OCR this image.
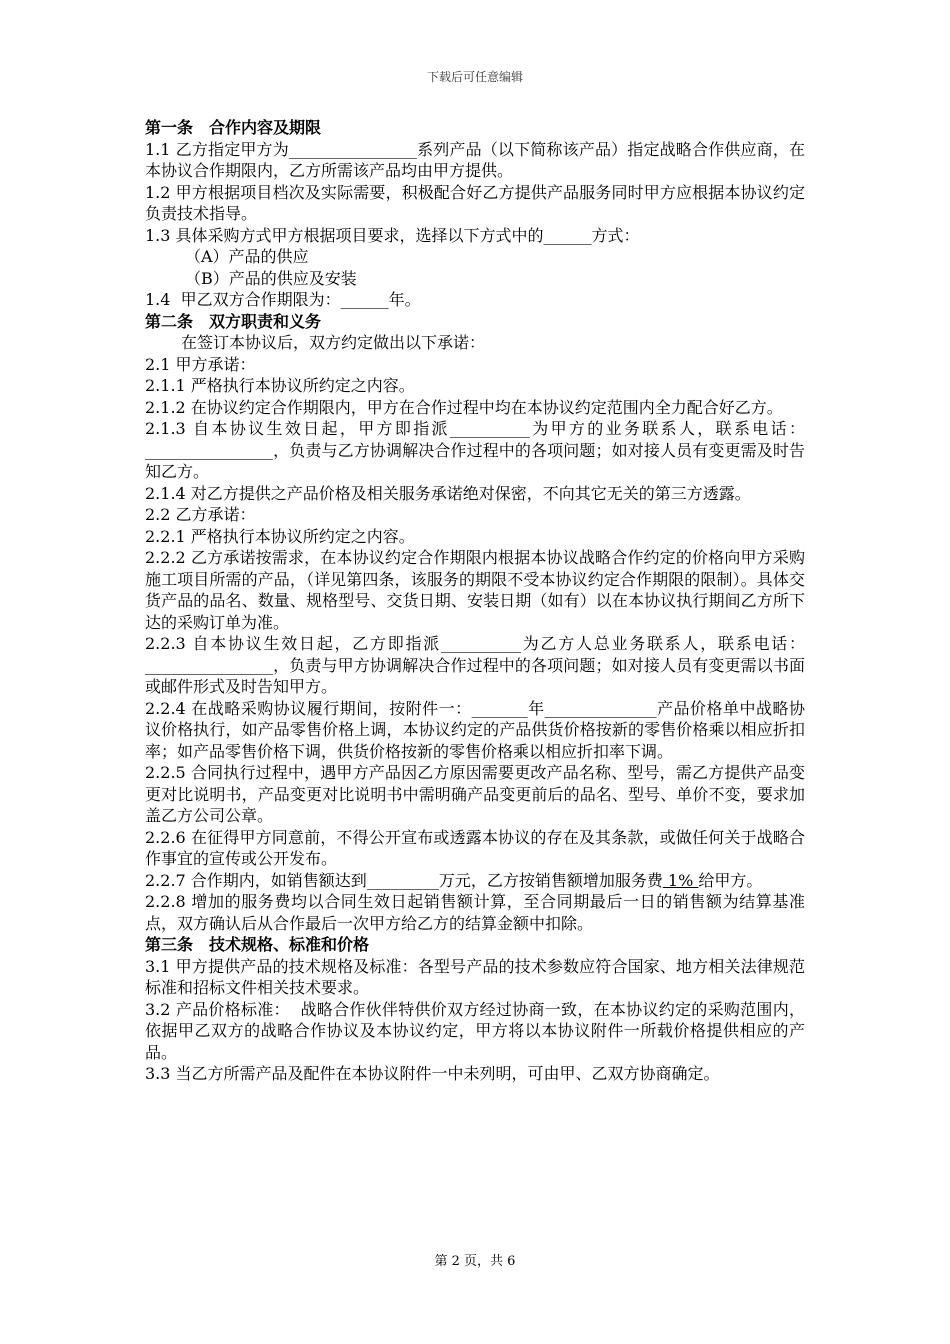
下载后可任意编辑

第一条　合作内容及期限

1.1 乙方指定甲方为________________系列产品（以下简称该产品）指定战略合作供应商，在本协议合作期限内，乙方所需该产品均由甲方提供。

1.2 甲方根据项目档次及实际需要，积极配合好乙方提供产品服务同时甲方应根据本协议约定负责技术指导。

1.3 具体采购方式甲方根据项目要求，选择以下方式中的______方式：

（A）产品的供应

（B）产品的供应及安装

1.4  甲乙双方合作期限为：______年。

第二条　双方职责和义务

在签订本协议后，双方约定做出以下承诺：

2.1 甲方承诺：

2.1.1 严格执行本协议所约定之内容。

2.1.2 在协议约定合作期限内，甲方在合作过程中均在本协议约定范围内全力配合好乙方。

2.1.3 自本协议生效日起，甲方即指派__________为甲方的业务联系人，联系电话：________________，负责与乙方协调解决合作过程中的各项问题；如对接人员有变更需及时告知乙方。

2.1.4 对乙方提供之产品价格及相关服务承诺绝对保密，不向其它无关的第三方透露。

2.2 乙方承诺：

2.2.1 严格执行本协议所约定之内容。

2.2.2 乙方承诺按需求，在本协议约定合作期限内根据本协议战略合作约定的价格向甲方采购施工项目所需的产品，（详见第四条，该服务的期限不受本协议约定合作期限的限制）。具体交货产品的品名、数量、规格型号、交货日期、安装日期（如有）以在本协议执行期间乙方所下达的采购订单为准。

2.2.3 自本协议生效日起，乙方即指派__________为乙方人总业务联系人，联系电话：________________，负责与甲方协调解决合作过程中的各项问题；如对接人员有变更需以书面或邮件形式及时告知甲方。

2.2.4 在战略采购协议履行期间，按附件一：_______年______________产品价格单中战略协议价格执行，如产品零售价格上调，本协议约定的产品供货价格按新的零售价格乘以相应折扣率；如产品零售价格下调，供货价格按新的零售价格乘以相应折扣率下调。

2.2.5 合同执行过程中，遇甲方产品因乙方原因需要更改产品名称、型号，需乙方提供产品变更对比说明书，产品变更对比说明书中需明确产品变更前后的品名、型号、单价不变，要求加盖乙方公司公章。

2.2.6 在征得甲方同意前，不得公开宣布或透露本协议的存在及其条款，或做任何关于战略合作事宜的宣传或公开发布。

2.2.7 合作期内，如销售额达到_________万元，乙方按销售额增加服务费 1% 给甲方。

2.2.8 增加的服务费均以合同生效日起销售额计算，至合同期最后一日的销售额为结算基准点，双方确认后从合作最后一次甲方给乙方的结算金额中扣除。

第三条　技术规格、标准和价格

3.1 甲方提供产品的技术规格及标准：各型号产品的技术参数应符合国家、地方相关法律规范标准和招标文件相关技术要求。

3.2 产品价格标准：  战略合作伙伴特供价双方经过协商一致，在本协议约定的采购范围内，依据甲乙双方的战略合作协议及本协议约定，甲方将以本协议附件一所载价格提供相应的产品。

3.3 当乙方所需产品及配件在本协议附件一中未列明，可由甲、乙双方协商确定。

第 2 页，共 6
